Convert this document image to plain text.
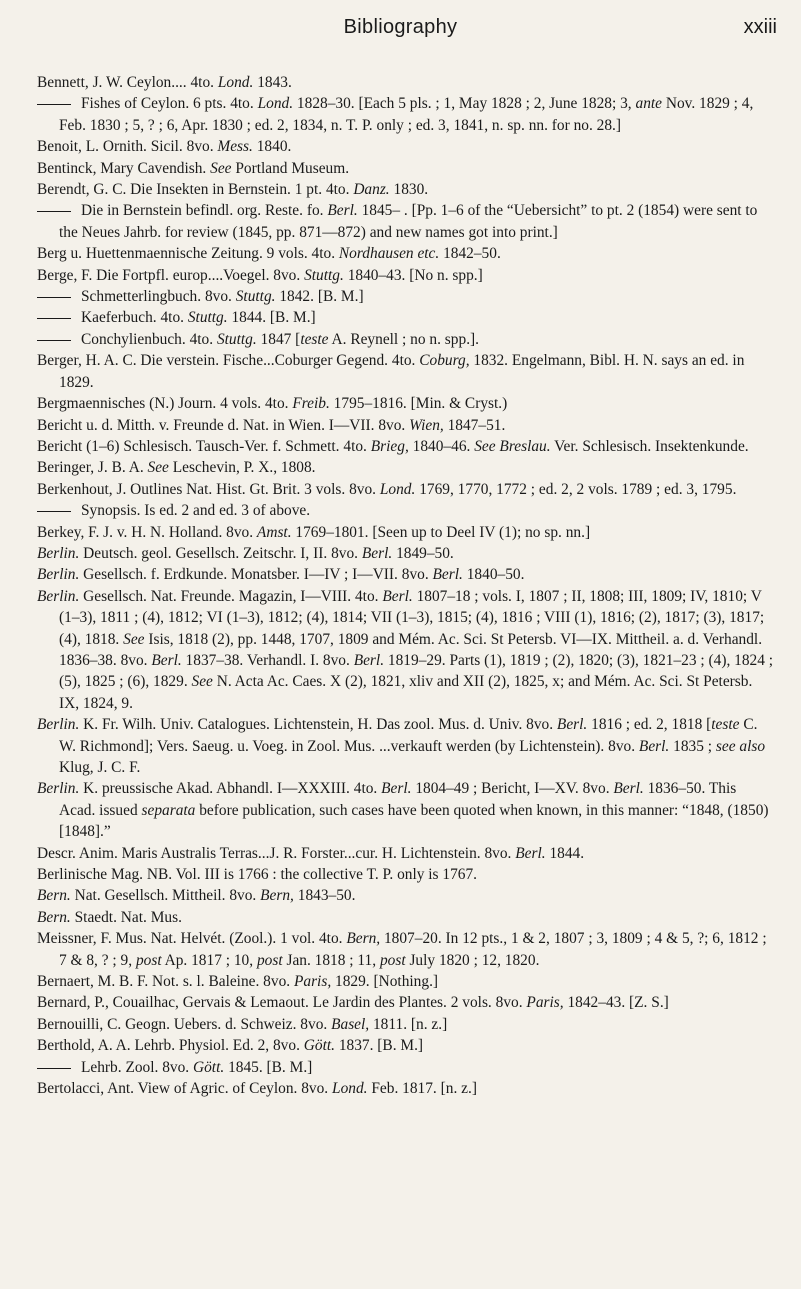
Bibliography	xxiii

Bennett, J. W. Ceylon.... 4to. Lond. 1843.

Fishes of Ceylon. 6 pts. 4to. Lond. 1828–30. [Each 5 pls. ; 1, May 1828 ; 2, June 1828; 3, ante Nov. 1829 ; 4, Feb. 1830 ; 5, ? ; 6, Apr. 1830 ; ed. 2, 1834, n. T. P. only ; ed. 3, 1841, n. sp. nn. for no. 28.]

Benoit, L. Ornith. Sicil. 8vo. Mess. 1840.

Bentinck, Mary Cavendish. See Portland Museum.

Berendt, G. C. Die Insekten in Bernstein. 1 pt. 4to. Danz. 1830.

Die in Bernstein befindl. org. Reste. fo. Berl. 1845– . [Pp. 1–6 of the “Uebersicht” to pt. 2 (1854) were sent to the Neues Jahrb. for review (1845, pp. 871—872) and new names got into print.]

Berg u. Huettenmaennische Zeitung. 9 vols. 4to. Nordhausen etc. 1842–50.

Berge, F. Die Fortpfl. europ....Voegel. 8vo. Stuttg. 1840–43. [No n. spp.]

Schmetterlingbuch. 8vo. Stuttg. 1842. [B. M.]

Kaeferbuch. 4to. Stuttg. 1844. [B. M.]

Conchylienbuch. 4to. Stuttg. 1847 [teste A. Reynell ; no n. spp.].

Berger, H. A. C. Die verstein. Fische...Coburger Gegend. 4to. Coburg, 1832. Engelmann, Bibl. H. N. says an ed. in 1829.

Bergmaennisches (N.) Journ. 4 vols. 4to. Freib. 1795–1816. [Min. & Cryst.)

Bericht u. d. Mitth. v. Freunde d. Nat. in Wien. I—VII. 8vo. Wien, 1847–51.

Bericht (1–6) Schlesisch. Tausch-Ver. f. Schmett. 4to. Brieg, 1840–46. See Breslau. Ver. Schlesisch. Insektenkunde.

Beringer, J. B. A. See Leschevin, P. X., 1808.

Berkenhout, J. Outlines Nat. Hist. Gt. Brit. 3 vols. 8vo. Lond. 1769, 1770, 1772 ; ed. 2, 2 vols. 1789 ; ed. 3, 1795.

Synopsis. Is ed. 2 and ed. 3 of above.

Berkey, F. J. v. H. N. Holland. 8vo. Amst. 1769–1801. [Seen up to Deel IV (1); no sp. nn.]

Berlin. Deutsch. geol. Gesellsch. Zeitschr. I, II. 8vo. Berl. 1849–50.

Berlin. Gesellsch. f. Erdkunde. Monatsber. I—IV ; I—VII. 8vo. Berl. 1840–50.

Berlin. Gesellsch. Nat. Freunde. Magazin, I—VIII. 4to. Berl. 1807–18 ; vols. I, 1807 ; II, 1808; III, 1809; IV, 1810; V (1–3), 1811 ; (4), 1812; VI (1–3), 1812; (4), 1814; VII (1–3), 1815; (4), 1816 ; VIII (1), 1816; (2), 1817; (3), 1817; (4), 1818. See Isis, 1818 (2), pp. 1448, 1707, 1809 and Mém. Ac. Sci. St Petersb. VI—IX. Mittheil. a. d. Verhandl. 1836–38. 8vo. Berl. 1837–38. Verhandl. I. 8vo. Berl. 1819–29. Parts (1), 1819 ; (2), 1820; (3), 1821–23 ; (4), 1824 ; (5), 1825 ; (6), 1829. See N. Acta Ac. Caes. X (2), 1821, xliv and XII (2), 1825, x; and Mém. Ac. Sci. St Petersb. IX, 1824, 9.

Berlin. K. Fr. Wilh. Univ. Catalogues. Lichtenstein, H. Das zool. Mus. d. Univ. 8vo. Berl. 1816 ; ed. 2, 1818 [teste C. W. Richmond]; Vers. Saeug. u. Voeg. in Zool. Mus. ...verkauft werden (by Lichtenstein). 8vo. Berl. 1835 ; see also Klug, J. C. F.

Berlin. K. preussische Akad. Abhandl. I—XXXIII. 4to. Berl. 1804–49 ; Bericht, I—XV. 8vo. Berl. 1836–50. This Acad. issued separata before publication, such cases have been quoted when known, in this manner: “1848, (1850) [1848].”

Descr. Anim. Maris Australis Terras...J. R. Forster...cur. H. Lichtenstein. 8vo. Berl. 1844.

Berlinische Mag. NB. Vol. III is 1766 : the collective T. P. only is 1767.

Bern. Nat. Gesellsch. Mittheil. 8vo. Bern, 1843–50.

Bern. Staedt. Nat. Mus.

Meissner, F. Mus. Nat. Helvét. (Zool.). 1 vol. 4to. Bern, 1807–20. In 12 pts., 1 & 2, 1807 ; 3, 1809 ; 4 & 5, ?; 6, 1812 ; 7 & 8, ? ; 9, post Ap. 1817 ; 10, post Jan. 1818 ; 11, post July 1820 ; 12, 1820.

Bernaert, M. B. F. Not. s. l. Baleine. 8vo. Paris, 1829. [Nothing.]

Bernard, P., Couailhac, Gervais & Lemaout. Le Jardin des Plantes. 2 vols. 8vo. Paris, 1842–43. [Z. S.]

Bernouilli, C. Geogn. Uebers. d. Schweiz. 8vo. Basel, 1811. [n. z.]

Berthold, A. A. Lehrb. Physiol. Ed. 2, 8vo. Gött. 1837. [B. M.]

Lehrb. Zool. 8vo. Gött. 1845. [B. M.]

Bertolacci, Ant. View of Agric. of Ceylon. 8vo. Lond. Feb. 1817. [n. z.]
